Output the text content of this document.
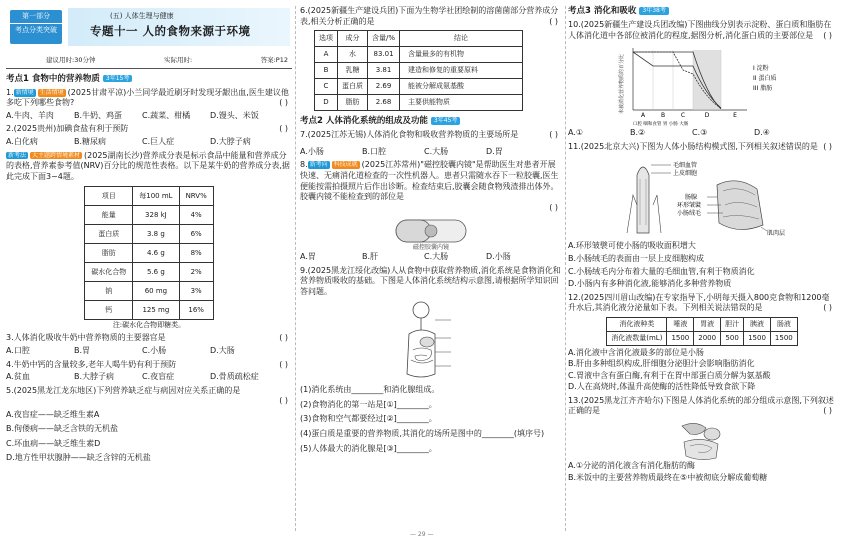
第一部分
考点分类突破
(五) 人体生理与健康
专题十一 人的食物来源于环境
建议用时:30分钟	实际用时:	答案:P12
考点1 食物中的营养物质 3年15考

1. 新情境 生活情境 (2025甘肃平凉)小兰同学最近刷牙时发现牙龈出血,医生建议他多吃下列哪些食物?	( )

A.牛肉、羊肉	B.牛奶、鸡蛋 C.蔬菜、柑橘 D.馒头、米饭

2.(2025贵州)加碘食盐有利于预防	( )

A.白化病	B.糖尿病	C.巨人症	D.大脖子病

新考法 大主题跨情境素材 (2025湖南长沙)营养成分表是标示食品中能量和营养成分的表格,营养素参考值(NRV)百分比的规范性表格。以下是某牛奶的营养成分表,据此完成下面3~4题。

项目	每100 mL	NRV%
能量	328 kJ	4%
蛋白质	3.8 g	6%
脂肪	4.6 g	8%
碳水化合物	5.6 g	2%
钠	60 mg	3%
钙	125 mg	16%
注:碳水化合物即糖类。

3.人体消化吸收牛奶中营养物质的主要器官是	( )

A.口腔	B.胃	C.小肠	D.大肠

4.牛奶中钙的含量较多,老年人喝牛奶有利于预防	( )

A.贫血	B.大脖子病	C.夜盲症	D.骨质疏松症

5.(2025黑龙江龙东地区)下列营养缺乏症与病因对应关系正确的是

( )

A.夜盲症——缺乏维生素A

B.佝偻病——缺乏含铁的无机盐

C.坏血病——缺乏维生素D

D.地方性甲状腺肿——缺乏含锌的无机盐

6.(2025新疆生产建设兵团)下面为生物学社团绘制的溶菌菌部分营养成分表,相关分析正确的是	( )

选项	成分	含量/%	结论
A	水	83.01	含量最多的有机物
B	乳糖	3.81	建造和修复的重要原料
C	蛋白质	2.69	能被分解成氨基酸
D	脂肪	2.68	主要供能物质
考点2 人体消化系统的组成及功能 3年45考

7.(2025江苏无锡)人体消化食物和吸收营养物质的主要场所是	( )

A.小肠	B.口腔	C.大肠	D.胃

8. 新考向 科技成就 (2025江苏常州)"磁控胶囊内镜"是帮助医生对患者开展快速、无痛消化道检查的一次性机器人。患者只需随水吞下一粒胶囊,医生便能按需拍摄照片后作出诊断。检查结束后,胶囊会随食物残渣排出体外。胶囊内镜不能检查到的部位是

( )

磁控胶囊内镜
A.胃	B.肝	C.大肠	D.小肠

9.(2025黑龙江绥化改编)人从食物中获取营养物质,消化系统是食物消化和营养物质吸收的基础。下图是人体消化系统结构示意图,请根据所学知识回答问题。

(1)消化系统由________和消化腺组成。

(2)食物消化的第一站是[①]________。

(3)食物和空气都要经过[②]________。

(4)蛋白质是重要的营养物质,其消化的场所是图中的________(填序号)

(5)人体最大的消化腺是[③]________。

考点3 消化和吸收 3年38考

10.(2025新疆生产建设兵团改编)下图曲线分别表示淀粉、蛋白质和脂肪在人体消化道中各部位被消化的程度,据图分析,消化蛋白质的主要部位是 ( )

未被消化营养物质的百分比
A	B	C	D	E
口腔 咽和食管 胃 小肠 大肠
I 淀粉
II 蛋白质
III 脂肪
A.①	B.②	C.③	D.④

11.(2025北京大兴)下图为人体小肠结构模式图,下列相关叙述错误的是 ( )

毛细血管
上皮细胞
肠腺
环形皱襞
小肠绒毛
肌肉层

A.环形皱襞可使小肠的吸收面积增大

B.小肠绒毛的表面由一层上皮细胞构成

C.小肠绒毛内分布着大量的毛细血管,有利于物质消化

D.小肠内有多种消化液,能够消化多种营养物质

12.(2025四川眉山改编)在专家指导下,小明每天摄入800克食物和1200毫升水后,其消化液分泌量如下表。下列相关说法错误的是	( )

消化液种类	唾液	胃液	胆汁	胰液	肠液
消化液数量(mL)	1500	2000	500	1500	1500

A.消化液中含消化液最多的部位是小肠

B.肝由多种组织构成,肝细胞分泌胆汁会影响脂肪消化

C.胃液中含有蛋白酶,有利于在胃中部蛋白质分解为氨基酸

D.人在高烧时,体温升高使酶的活性降低导致食欲下降

13.(2025黑龙江齐齐哈尔)下图是人体消化系统的部分组成示意图,下列叙述正确的是	( )

A.①分泌的消化液含有消化脂肪的酶

B.米饭中的主要营养物质最终在⑤中被彻底分解成葡萄糖

— 29 —
